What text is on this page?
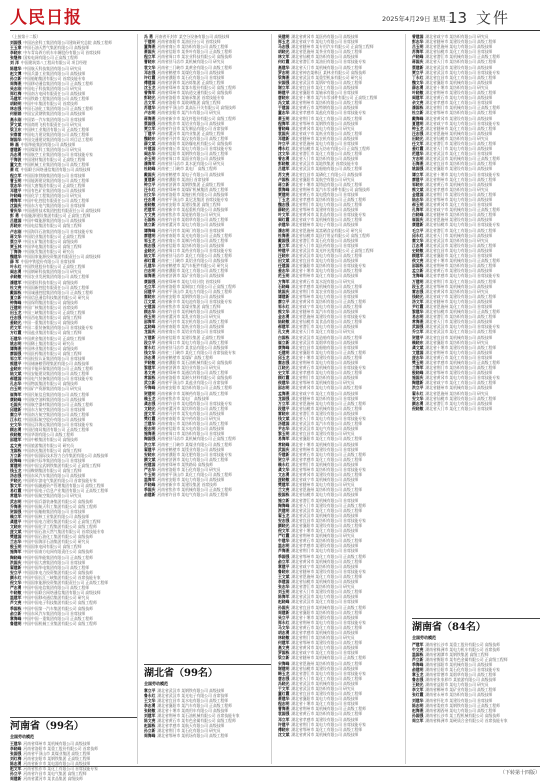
人民日报	2025年4月29日 星期二
13 文件
（上接第十二版）
刘国强 中国冶金科工集团有限公司建筑研究总院 高级工程师
王玉章 中国石油天然气集团有限公司 高级技师
李晓东 中车青岛四方机车车辆股份有限公司 首席技师
张继伟 国家电网有限公司 正高级工程师
刘 洋 中国建筑第八工程局有限公司 项目经理
陈建华 中国航天科技集团有限公司 研究员
赵文博 中国兵器工业集团有限公司 高级技师
孙立新 中国船舶集团有限公司 首席技能专家
周海燕 中国移动通信集团有限公司 正高级工程师
吴志刚 中国电子科技集团有限公司 研究员
郑红梅 中国南方电网有限责任公司 高级技师
马建军 中国铁路工程集团有限公司 高级工程师
胡晓明 中国中车集团有限公司 首席技师
林志强 中国石油化工集团有限公司 正高级工程师
何丽娟 中国宝武钢铁集团有限公司 高级技师
高永刚 中国第一汽车集团有限公司 首席技师
罗文斌 中国商用飞机有限责任公司 研究员
梁卫东 中国核工业集团有限公司 正高级工程师
宋春雷 中国电力建设集团有限公司 高级工程师
谢国华 中国交通建设集团有限公司 项目总工程师
韩 磊 中国华能集团有限公司 高级技师
唐建新 中国煤炭科工集团有限公司 研究员
冯志勇 中国航空工业集团有限公司 首席技能专家
于海波 中国建材集团有限公司 正高级工程师
董文杰 中国机械工业集团有限公司 高级工程师
萧 红 中国联合网络通信集团有限公司 高级技师
程立军 中国国家铁路集团有限公司 首席技师
曹玉明 中国能源建设集团有限公司 高级工程师
袁志华 中国大唐集团有限公司 正高级工程师
邓建平 中国有色矿业集团有限公司 高级技师
许晓峰 中国化学工程集团有限公司 研究员
傅海军 中国中化控股有限责任公司 高级工程师
沈国庆 中国东方电气集团有限公司 首席技师
曾庆华 中国通用技术集团控股有限责任公司 高级技师
彭 勇 中国能源建设集团有限公司 正高级工程师
吕建国 中国中煤能源集团有限公司 高级技师
苏晓东 中国电信集团有限公司 高级工程师
卢志刚 中国海洋石油集团有限公司 首席技能专家
蒋文华 中国铝业集团有限公司 正高级工程师
蔡立平 中国五矿集团有限公司 高级技师
贾玉林 中国华电集团有限公司 高级工程师
丁海涛 中国航发集团有限公司 研究员
魏建华 中国国家能源投资集团有限责任公司 高级技师
薛 军 中国中铁股份有限公司 首席技师
叶永红 中国铁建股份有限公司 正高级工程师
阎志勇 中国钢研科技集团有限公司 研究员
余晓敏 中国农业发展集团有限公司 高级工程师
潘建军 中国建设科技有限公司 高级技师
杜文亮 中国国新控股有限责任公司 高级工程师
戴国栋 中国诚通控股集团有限公司 正高级工程师
夏立新 中国信息通信科技集团有限公司 研究员
钟海峰 中国保利集团有限公司 高级技师
汪建明 中国广核集团有限公司 首席技师
田玉龙 中国三峡集团有限公司 正高级工程师
任志强 中国西电集团有限公司 高级工程师
姜晓光 中国一重集团有限公司 高级技师
范文军 中国二重装备集团有限公司 首席技能专家
方红霞 中国盐业集团有限公司 高级工程师
石建华 中国黄金集团有限公司 正高级工程师
姚志明 中国稀土集团有限公司 研究员
谭海燕 中国林业集团有限公司 高级技师
廖国强 中国医药集团有限公司 高级工程师
邹立军 中国检验认证集团有限公司 首席技师
熊建平 中国储备粮管理集团有限公司 高级技师
金晓东 中国节能环保集团有限公司 正高级工程师
陆文斌 中国安能建设集团有限公司 高级工程师
郝建国 中国电气装备集团有限公司 首席技能专家
孔志华 中国物流集团有限公司 高级技师
白玉明 中国矿产资源集团有限公司 研究员
崔海军 中国民航信息集团有限公司 高级工程师
康晓峰 中国航空油料集团有限公司 高级技师
毛国庆 中国航空器材集团有限公司 正高级工程师
邱建新 中国东方航空集团有限公司 首席技师
秦立平 中国南方航空集团有限公司 高级工程师
江永红 中国国际航空股份有限公司 高级技师
史文华 中国远洋海运集团有限公司 首席技能专家
顾志勇 中国招商局集团有限公司 正高级工程师
侯晓敏 中国华润有限公司 高级工程师
邵建军 中国中粮集团有限公司 高级技师
孟文亮 中国旅游集团有限公司 研究员
龙国栋 中国南光集团有限公司 高级工程师
万立新 中国中国国际技术智力合作集团有限公司 高级技师
段海峰 中国新兴际华集团有限公司 首席技师
雷建明 中国中国宝武钢铁集团有限公司 正高级工程师
钱玉龙 中国鞍钢集团有限公司 高级工程师
汤志强 中国东风汽车集团有限公司 高级技师
尹晓光 中国哈尔滨电气集团有限公司 首席技能专家
黎文军 中国中国融通资产管理集团有限公司 高级工程师
易红霞 中国中国电子信息产业集团有限公司 正高级工程师
常建华 中国中国航空集团有限公司 研究员
武志明 中国中国兵器装备集团有限公司 高级技师
乔海燕 中国中国航天科工集团有限公司 高级工程师
贺国强 中国中国船舶集团有限公司 首席技师
赖立军 中国中国核工业集团有限公司 高级技师
龚建平 中国中国电力建设集团有限公司 正高级工程师
文晓东 中国中国化学工程集团有限公司 高级工程师
庞文斌 中国中国石油天然气集团有限公司 首席技能专家
樊建国 中国中国石油化工集团有限公司 高级技师
兰志华 中国中国海洋石油集团有限公司 研究员
殷玉明 中国国家电网有限公司 高级工程师
施海军 中国中国南方电网有限责任公司 高级技师
陶晓峰 中国中国华能集团有限公司 正高级工程师
洪国庆 中国中国大唐集团有限公司 首席技师
翟建新 中国中国华电集团有限公司 高级工程师
安立平 中国国家电力投资集团有限公司 高级技师
颜永红 中国中国长江三峡集团有限公司 首席技能专家
倪文华 中国国家能源投资集团有限责任公司 正高级工程师
严志勇 中国中国电信集团有限公司 高级工程师
牛晓敏 中国中国联合网络通信集团有限公司 高级技师
温建军 中国中国移动通信集团有限公司 研究员
芦文亮 中国中国电子科技集团有限公司 高级工程师
季国栋 中国中国第一汽车集团有限公司 高级技师
俞立新 中国东风汽车集团有限公司 首席技师
章海峰 中国中国一重集团有限公司 正高级工程师
鲁建明 中国中国机械工业集团有限公司 高级工程师
河南省（99名）
全国劳动模范
王建华 河南省郑州市 某机械有限公司 高级技师
李晓峰 河南省洛阳市 某重工股份有限公司 首席技师
张国强 河南省平顶山市 某煤业集团 高级工程师
刘红梅 河南省安阳市 某钢铁集团 正高级工程师
陈志勇 河南省新乡市 某电器有限公司 高级技师
赵文军 河南省焦作市 某化工有限公司 首席技能专家
孙立平 河南省许昌市 某电气集团 高级工程师
周建新 河南省漯河市 某食品集团 高级技师
冯 勇 河南省开封市 某空分设备有限公司 高级技师
于建明 河南省南阳市 某油田分公司 首席技师
董海燕 河南省商丘市 某纺织有限公司 高级工程师
萧国庆 河南省信阳市 某茶叶有限公司 正高级工程师
程立军 河南省周口市 某农业科技有限公司 高级技师
曹晓东 河南省驻马店市 某机械有限公司 研究员
袁文华 河南省三门峡市 某黄金有限公司 高级工程师
邓志强 河南省鹤壁市 某煤化有限公司 高级技师
许红霞 河南省濮阳市 某石化有限公司 首席技师
傅建国 河南省济源市 某冶炼集团 正高级工程师
沈玉龙 河南省郑州市 某客车股份有限公司 高级工程师
曾海军 河南省郑州市 某轨道交通有限公司 高级技师
彭晓光 河南省洛阳市 某轴承集团 首席技能专家
吕文军 河南省洛阳市 某玻璃集团 高级工程师
苏建华 河南省平顶山市 某高压开关有限公司 高级技师
卢志明 河南省安阳市 某汽车有限公司 研究员
蒋海燕 河南省新乡市 某化纤股份有限公司 高级工程师
蔡国强 河南省焦作市 某铝业有限公司 高级技师
贾立军 河南省许昌市 某发制品有限公司 首席技师
丁建平 河南省漯河市 某肉业集团 正高级工程师
魏晓东 河南省开封市 某仪表有限公司 高级工程师
薛文斌 河南省南阳市 某防爆电机有限公司 高级技师
叶建国 河南省商丘市 某电力有限公司 首席技能专家
阎志华 河南省信阳市 某钢铁有限公司 高级工程师
余玉明 河南省周口市 某面业有限公司 高级技师
潘海军 河南省驻马店市 某水泥有限公司 研究员
杜晓峰 河南省三门峡市 某电厂 高级工程师
戴国庆 河南省鹤壁市 某电子有限公司 高级技师
夏建新 河南省濮阳市 某油田 首席技师
钟立平 河南省济源市 某钢铁集团 正高级工程师
汪永红 河南省郑州市 某煤矿机械集团 高级工程师
田文华 河南省洛阳市 某拖拉机有限公司 高级技师
任志勇 河南省平顶山市 某尼龙集团 首席技能专家
姜晓敏 河南省安阳市 某建设集团 高级工程师
范建军 河南省新乡市 某起重机有限公司 高级技师
方文亮 河南省焦作市 某轮胎有限公司 研究员
石国栋 河南省许昌市 某烟草有限公司 高级工程师
姚立新 河南省漯河市 某电力有限公司 高级技师
谭海峰 河南省开封市 某阀门有限公司 首席技师
廖建明 河南省南阳市 某光电有限公司 正高级工程师
邹玉龙 河南省商丘市 某制冷有限公司 高级工程师
熊志强 河南省信阳市 某纺织有限公司 高级技师
金晓光 河南省周口市 某药业有限公司 首席技能专家
陆文军 河南省驻马店市 某化工有限公司 高级工程师
郝红霞 河南省三门峡市 某铝业有限公司 高级技师
孔建华 河南省鹤壁市 某汽车配件有限公司 研究员
白志明 河南省濮阳市 某化工有限公司 高级工程师
崔海燕 河南省济源市 某矿业有限公司 高级技师
康国强 河南省郑州市 某电力设计院 首席技师
毛立军 河南省洛阳市 某铜加工有限公司 正高级工程师
邱建平 河南省平顶山市 某电力有限公司 高级工程师
秦晓东 河南省安阳市 某钢铁有限公司 高级技师
江文斌 河南省新乡市 某电池有限公司 首席技能专家
史建国 河南省焦作市 某煤业集团 高级工程师
顾志华 河南省许昌市 某机械有限公司 高级技师
侯玉明 河南省漯河市 某乳业有限公司 研究员
邵海军 河南省开封市 某农机有限公司 高级工程师
孟晓峰 河南省南阳市 某纸业有限公司 高级技师
龙国庆 河南省商丘市 某铝业有限公司 首席技师
万建新 河南省信阳市 某建设集团 正高级工程师
段立平 河南省周口市 某电力有限公司 高级工程师
雷永红 河南省驻马店市 某食品有限公司 高级技师
钱文华 河南省三门峡市 某化工有限公司 首席技能专家
汤志勇 河南省鹤壁市 某煤矿 高级工程师
尹晓敏 河南省濮阳市 某石油机械有限公司 高级技师
黎建军 河南省济源市 某铅业有限公司 研究员
易文亮 河南省郑州市 某通信有限公司 高级工程师
常国栋 河南省洛阳市 某耐火材料有限公司 高级技师
武立新 河南省平顶山市 某盐业有限公司 首席技师
乔海峰 河南省安阳市 某纺织有限公司 正高级工程师
贺建明 河南省新乡市 某制药有限公司 高级工程师
赖玉龙 河南省焦作市 某电厂 高级技师
龚志强 河南省许昌市 某电缆有限公司 首席技能专家
文晓光 河南省漯河市 某饮料有限公司 高级工程师
庞文军 河南省开封市 某发电有限公司 高级技师
樊红霞 河南省南阳市 某中药有限公司 研究员
兰建华 河南省商丘市 某纺织有限公司 高级工程师
殷志明 河南省信阳市 某水电有限公司 高级技师
施海燕 河南省周口市 某纺织有限公司 首席技师
陶国强 河南省驻马店市 某机械有限公司 正高级工程师
洪立军 河南省三门峡市 某煤业有限公司 高级工程师
翟建平 河南省鹤壁市 某镁业有限公司 高级技师
安晓东 河南省濮阳市 某化肥有限公司 首席技能专家
颜文斌 河南省济源市 某电力有限公司 高级工程师
倪建国 河南省郑州市 某铁路局 高级技师
严志华 河南省洛阳市 某石化有限公司 研究员
牛玉明 河南省平顶山市 某化工有限公司 高级工程师
温海军 河南省安阳市 某电力有限公司 高级技师
芦晓峰 河南省新乡市 某建设集团 首席技师
季国庆 河南省焦作市 某机械有限公司 正高级工程师
俞建新 河南省许昌市 某电气有限公司 高级工程师
湖北省（99名）
全国劳动模范
章立平 湖北省武汉市 某钢铁有限公司 高级技师
鲁永红 湖北省武汉市 某光电子有限公司 首席技师
王文华 湖北省宜昌市 某水电有限公司 高级工程师
李志勇 湖北省襄阳市 某汽车有限公司 正高级工程师
张晓敏 湖北省十堰市 某商用车有限公司 高级技师
刘建军 湖北省荆州市 某石油机械有限公司 首席技能专家
陈文亮 湖北省黄石市 某有色金属有限公司 高级工程师
赵国栋 湖北省孝感市 某航天有限公司 高级技师
孙立新 湖北省荆门市 某石化有限公司 研究员
周海峰 湖北省鄂州市 某机场有限公司 高级工程师
吴建明 湖北省黄冈市 某医药有限公司 高级技师
郑玉龙 湖北省咸宁市 某电力有限公司 首席技师
马志强 湖北省随州市 某专用汽车有限公司 正高级工程师
胡晓光 湖北省恩施州 某茶业有限公司 高级工程师
林文军 湖北省仙桃市 某纺织有限公司 高级技师
何红霞 湖北省潜江市 某油田有限公司 首席技能专家
高建华 湖北省天门市 某机械有限公司 高级工程师
罗志明 湖北省神农架林区 某林业有限公司 高级技师
梁海燕 湖北省武汉市 某重型机床有限公司 研究员
宋国强 湖北省武汉市 某锅炉有限公司 高级工程师
谢立军 湖北省宜昌市 某化工有限公司 高级技师
韩建平 湖北省襄阳市 某轴承有限公司 首席技师
唐晓东 湖北省十堰市 某汽车零部件有限公司 正高级工程师
冯文斌 湖北省荆州市 某纺织有限公司 高级工程师
于建国 湖北省黄石市 某特钢有限公司 高级技师
董志华 湖北省孝感市 某盐化有限公司 首席技能专家
萧玉明 湖北省荆门市 某化工有限公司 高级工程师
程海军 湖北省鄂州市 某钢铁有限公司 高级技师
曹晓峰 湖北省黄冈市 某电力有限公司 研究员
袁国庆 湖北省咸宁市 某纸业有限公司 高级工程师
邓建新 湖北省随州市 某农机有限公司 高级技师
许立平 湖北省恩施州 某电力有限公司 首席技师
傅永红 湖北省仙桃市 某无纺布有限公司 正高级工程师
沈文华 湖北省潜江市 某化工有限公司 高级工程师
曾志勇 湖北省天门市 某纺织有限公司 高级技师
彭晓敏 湖北省武汉市 某地铁集团 首席技能专家
吕建军 湖北省武汉市 某船舶有限公司 高级工程师
苏文亮 湖北省宜昌市 某磷化工有限公司 高级技师
卢国栋 湖北省襄阳市 某航空有限公司 研究员
蒋立新 湖北省十堰市 某铸造有限公司 高级工程师
蔡海峰 湖北省荆州市 某汽车零部件有限公司 高级技师
贾建明 湖北省黄石市 某电缆有限公司 首席技师
丁玉龙 湖北省孝感市 某纺织有限公司 正高级工程师
魏志强 湖北省荆门市 某电力有限公司 高级工程师
薛晓光 湖北省鄂州市 某建材有限公司 高级技师
叶文军 湖北省黄冈市 某食品有限公司 首席技能专家
阎红霞 湖北省咸宁市 某机械有限公司 高级工程师
余建华 湖北省随州市 某电子有限公司 高级技师
潘志明 湖北省恩施州 某富硒食品有限公司 研究员
杜海燕 湖北省仙桃市 某医疗用品有限公司 高级工程师
戴国强 湖北省潜江市 某石化有限公司 高级技师
夏立军 湖北省天门市 某医药有限公司 首席技师
钟建平 湖北省武汉市 某光纤光缆有限公司 正高级工程师
汪晓东 湖北省武汉市 某电力有限公司 高级工程师
田文斌 湖北省宜昌市 某电力有限公司 高级技师
任建国 湖北省襄阳市 某纺织有限公司 首席技能专家
姜志华 湖北省十堰市 某电力有限公司 高级工程师
范玉明 湖北省荆州市 某化工有限公司 高级技师
方海军 湖北省黄石市 某水泥有限公司 研究员
石晓峰 湖北省孝感市 某机械有限公司 高级工程师
姚国庆 湖北省荆门市 某农业有限公司 高级技师
谭建新 湖北省鄂州市 某电力有限公司 首席技师
廖立平 湖北省黄冈市 某纺织有限公司 正高级工程师
邹永红 湖北省咸宁市 某电力有限公司 高级工程师
熊文华 湖北省随州市 某汽车有限公司 高级技师
金志勇 湖北省恩施州 某建设有限公司 首席技能专家
陆晓敏 湖北省仙桃市 某食品有限公司 高级工程师
郝建军 湖北省潜江市 某电力有限公司 高级技师
孔文亮 湖北省天门市 某化工有限公司 研究员
白国栋 湖北省武汉市 某造船有限公司 高级工程师
崔立新 湖北省武汉市 某烟草有限公司 高级技师
康海峰 湖北省宜昌市 某船舶有限公司 首席技师
毛建明 湖北省襄阳市 某电力有限公司 正高级工程师
邱玉龙 湖北省十堰市 某建设有限公司 高级工程师
秦志强 湖北省荆州市 某电力有限公司 高级技师
江晓光 湖北省黄石市 某机械有限公司 首席技能专家
史文军 湖北省孝感市 某电力有限公司 高级工程师
顾红霞 湖北省荆门市 某纺织有限公司 高级技师
侯建华 湖北省鄂州市 某机械有限公司 研究员
邵志明 湖北省黄冈市 某电力有限公司 高级工程师
孟海燕 湖北省咸宁市 某化工有限公司 高级技师
龙国强 湖北省随州市 某纺织有限公司 首席技师
万立军 湖北省恩施州 某电力有限公司 正高级工程师
段建平 湖北省仙桃市 某机械有限公司 高级工程师
雷晓东 湖北省潜江市 某建设有限公司 高级技师
钱文斌 湖北省天门市 某电力有限公司 首席技能专家
汤建国 湖北省武汉市 某汽车有限公司 高级工程师
尹志华 湖北省武汉市 某电气有限公司 高级技师
黎玉明 湖北省宜昌市 某建设有限公司 研究员
易海军 湖北省襄阳市 某化工有限公司 高级工程师
常晓峰 湖北省十堰市 某机械有限公司 高级技师
武国庆 湖北省荆州市 某建设有限公司 首席技师
乔建新 湖北省黄石市 某电力有限公司 正高级工程师
贺立平 湖北省孝感市 某化工有限公司 高级工程师
赖永红 湖北省荆门市 某机械有限公司 高级技师
龚文华 湖北省鄂州市 某纺织有限公司 首席技能专家
文志勇 湖北省黄冈市 某建设有限公司 高级工程师
庞晓敏 湖北省咸宁市 某机械有限公司 高级技师
樊建军 湖北省随州市 某电力有限公司 研究员
兰文亮 湖北省恩施州 某纺织有限公司 高级工程师
殷国栋 湖北省仙桃市 某电力有限公司 高级技师
施立新 湖北省潜江市 某机械有限公司 首席技师
陶海峰 湖北省天门市 某建设有限公司 正高级工程师
洪建明 湖北省武汉市 某化工有限公司 高级工程师
翟玉龙 湖北省武汉市 某机械有限公司 高级技师
安志强 湖北省宜昌市 某纺织有限公司 首席技能专家
颜晓光 湖北省襄阳市 某建设有限公司 高级工程师
倪文军 湖北省十堰市 某化工有限公司 高级技师
严红霞 湖北省荆州市 某机械有限公司 研究员
牛建华 湖北省黄石市 某纺织有限公司 高级工程师
温志明 湖北省孝感市 某建设有限公司 高级技师
芦海燕 湖北省荆门市 某电力有限公司 首席技师
季国强 湖北省鄂州市 某化工有限公司 正高级工程师
俞立军 湖北省黄冈市 某机械有限公司 高级工程师
章建平 湖北省咸宁市 某纺织有限公司 高级技师
鲁晓东 湖北省随州市 某建设有限公司 首席技能专家
王文斌 湖北省恩施州 某化工有限公司 高级工程师
李建国 湖北省仙桃市 某机械有限公司 高级技师
张志华 湖北省潜江市 某纺织有限公司 研究员
刘玉明 湖北省天门市 某建设有限公司 高级工程师
陈海军 湖北省武汉市 某电力有限公司 高级技师
赵晓峰 湖北省武汉市 某化工有限公司 首席技师
孙国庆 湖北省宜昌市 某机械有限公司 正高级工程师
周建新 湖北省襄阳市 某纺织有限公司 高级工程师
吴立平 湖北省十堰市 某建设有限公司 高级技师
郑永红 湖北省荆州市 某电力有限公司 首席技能专家
马文华 湖北省黄石市 某化工有限公司 高级工程师
胡志勇 湖北省孝感市 某机械有限公司 高级技师
林晓敏 湖北省荆门市 某纺织有限公司 研究员
何建军 湖北省鄂州市 某建设有限公司 高级工程师
高文亮 湖北省黄冈市 某电力有限公司 高级技师
罗国栋 湖北省咸宁市 某化工有限公司 首席技师
梁立新 湖北省随州市 某机械有限公司 正高级工程师
宋海峰 湖北省恩施州 某纺织有限公司 高级工程师
谢建明 湖北省仙桃市 某建设有限公司 高级技师
韩玉龙 湖北省潜江市 某电力有限公司 首席技能专家
唐志强 湖北省天门市 某化工有限公司 高级工程师
冯晓光 湖北省武汉市 某机械有限公司 高级技师
于文军 湖北省武汉市 某纺织有限公司 研究员
董红霞 湖北省宜昌市 某建设有限公司 高级工程师
萧建华 湖北省襄阳市 某电力有限公司 高级技师
程志明 湖北省十堰市 某化工有限公司 首席技师
曹海燕 湖北省荆州市 某机械有限公司 正高级工程师
袁国强 湖北省黄石市 某纺织有限公司 高级工程师
邓立军 湖北省孝感市 某建设有限公司 高级技师
许建平 湖北省荆门市 某电力有限公司 首席技能专家
傅晓东 湖北省鄂州市 某化工有限公司 高级工程师
沈文斌 湖北省黄冈市 某机械有限公司 高级技师
曾建国 湖北省咸宁市 某纺织有限公司 研究员
彭志华 湖北省随州市 某建设有限公司 高级工程师
吕玉明 湖北省恩施州 某电力有限公司 高级技师
苏海军 湖北省仙桃市 某化工有限公司 首席技师
卢晓峰 湖北省潜江市 某机械有限公司 正高级工程师
蒋国庆 湖北省天门市 某纺织有限公司 高级工程师
蔡建新 湖北省武汉市 某建设有限公司 高级技师
贾立平 湖北省武汉市 某电力有限公司 首席技能专家
丁永红 湖北省宜昌市 某化工有限公司 高级工程师
魏文华 湖北省襄阳市 某机械有限公司 高级技师
薛志勇 湖北省十堰市 某纺织有限公司 研究员
叶晓敏 湖北省荆州市 某建设有限公司 高级工程师
阎建军 湖北省黄石市 某电力有限公司 高级技师
余文亮 湖北省孝感市 某化工有限公司 首席技师
潘国栋 湖北省荆门市 某机械有限公司 正高级工程师
杜立新 湖北省鄂州市 某纺织有限公司 高级工程师
戴海峰 湖北省黄冈市 某建设有限公司 高级技师
夏建明 湖北省咸宁市 某电力有限公司 首席技能专家
钟玉龙 湖北省随州市 某化工有限公司 高级工程师
汪志强 湖北省恩施州 某机械有限公司 高级技师
田晓光 湖北省仙桃市 某纺织有限公司 研究员
任文军 湖北省潜江市 某建设有限公司 高级工程师
姜红霞 湖北省天门市 某电力有限公司 高级技师
范建华 湖北省武汉市 某化工有限公司 首席技师
方志明 湖北省武汉市 某机械有限公司 正高级工程师
石海燕 湖北省宜昌市 某纺织有限公司 高级工程师
姚国强 湖北省襄阳市 某建设有限公司 高级技师
谭立军 湖北省十堰市 某电力有限公司 首席技能专家
廖建平 湖北省荆州市 某化工有限公司 高级工程师
邹晓东 湖北省黄石市 某机械有限公司 高级技师
熊文斌 湖北省孝感市 某纺织有限公司 研究员
金建国 湖北省荆门市 某建设有限公司 高级工程师
陆志华 湖北省鄂州市 某电力有限公司 高级技师
郝玉明 湖北省黄冈市 某化工有限公司 首席技师
孔海军 湖北省咸宁市 某机械有限公司 正高级工程师
白晓峰 湖北省随州市 某纺织有限公司 高级工程师
崔国庆 湖北省恩施州 某建设有限公司 高级技师
康建新 湖北省仙桃市 某电力有限公司 首席技能专家
毛立平 湖北省潜江市 某化工有限公司 高级工程师
邱永红 湖北省天门市 某机械有限公司 高级技师
秦文华 湖北省武汉市 某纺织有限公司 研究员
江志勇 湖北省武汉市 某建设有限公司 高级工程师
史晓敏 湖北省宜昌市 某电力有限公司 高级技师
顾建军 湖北省襄阳市 某化工有限公司 首席技师
侯文亮 湖北省十堰市 某机械有限公司 正高级工程师
邵国栋 湖北省荆州市 某纺织有限公司 高级工程师
孟立新 湖北省黄石市 某建设有限公司 高级技师
龙海峰 湖北省孝感市 某电力有限公司 首席技能专家
万建明 湖北省荆门市 某化工有限公司 高级工程师
段玉龙 湖北省鄂州市 某机械有限公司 高级技师
雷志强 湖北省黄冈市 某纺织有限公司 研究员
钱晓光 湖北省咸宁市 某建设有限公司 高级工程师
汤文军 湖北省随州市 某电力有限公司 高级技师
尹红霞 湖北省恩施州 某化工有限公司 首席技师
黎建华 湖北省仙桃市 某机械有限公司 正高级工程师
易志明 湖北省潜江市 某纺织有限公司 高级工程师
常海燕 湖北省天门市 某建设有限公司 高级技师
武国强 湖北省武汉市 某电力有限公司 首席技能专家
乔立军 湖北省武汉市 某化工有限公司 高级工程师
贺建平 湖北省宜昌市 某机械有限公司 高级技师
赖晓东 湖北省襄阳市 某纺织有限公司 研究员
龚文斌 湖北省十堰市 某建设有限公司 高级工程师
文建国 湖北省荆州市 某电力有限公司 高级技师
庞志华 湖北省黄石市 某化工有限公司 首席技师
樊玉明 湖北省孝感市 某机械有限公司 正高级工程师
兰海军 湖北省荆门市 某纺织有限公司 高级工程师
殷晓峰 湖北省鄂州市 某建设有限公司 高级技师
施国庆 湖北省黄冈市 某电力有限公司 首席技能专家
陶建新 湖北省咸宁市 某化工有限公司 高级工程师
洪立平 湖北省随州市 某机械有限公司 高级技师
翟永红 湖北省恩施州 某纺织有限公司 研究员
安文华 湖北省仙桃市 某建设有限公司 高级工程师
颜志勇 湖北省潜江市 某电力有限公司 高级技师
倪晓敏 湖北省天门市 某化工有限公司 首席技师
湖南省（84名）
全国劳动模范
严建军 湖南省长沙市 某重工股份有限公司 高级技师
牛文亮 湖南省株洲市 某电力机车有限公司 首席技师
温国栋 湖南省湘潭市 某钢铁集团 高级工程师
芦立新 湖南省衡阳市 某有色金属有限公司 正高级工程师
季海峰 湖南省邵阳市 某机械有限公司 高级技师
俞建明 湖南省岳阳市 某石化有限公司 首席技能专家
章玉龙 湖南省常德市 某烟草有限公司 高级工程师
鲁志强 湖南省张家界市 某旅游有限公司 高级技师
王晓光 湖南省益阳市 某电力有限公司 研究员
李文军 湖南省郴州市 某矿业有限公司 高级工程师
张红霞 湖南省永州市 某纺织有限公司 高级技师
刘建华 湖南省怀化市 某建设有限公司 首席技师
陈志明 湖南省娄底市 某钢铁有限公司 正高级工程师
赵海燕 湖南省湘西州 某电力有限公司 高级工程师
孙国强 湖南省长沙市 某工程机械有限公司 高级技师
周立军 湖南省株洲市 某硬质合金有限公司 首席技能专家
（下转第十四版）
